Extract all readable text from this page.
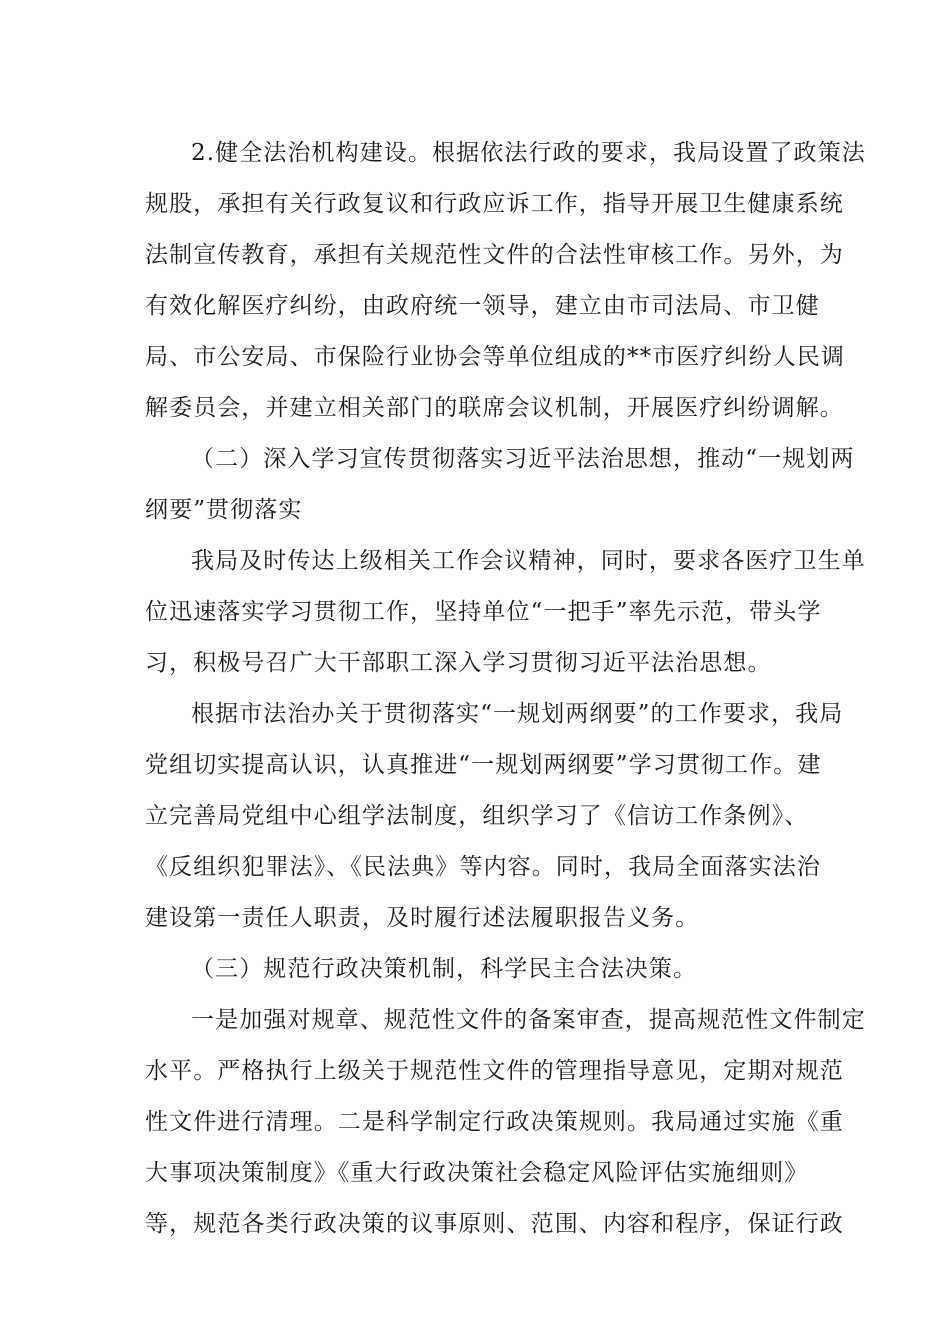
2.健全法治机构建设。根据依法行政的要求，我局设置了政策法
规股，承担有关行政复议和行政应诉工作，指导开展卫生健康系统
法制宣传教育，承担有关规范性文件的合法性审核工作。另外，为
有效化解医疗纠纷，由政府统一领导，建立由市司法局、市卫健
局、市公安局、市保险行业协会等单位组成的**市医疗纠纷人民调
解委员会，并建立相关部门的联席会议机制，开展医疗纠纷调解。
（二）深入学习宣传贯彻落实习近平法治思想，推动“一规划两
纲要”贯彻落实
我局及时传达上级相关工作会议精神，同时，要求各医疗卫生单
位迅速落实学习贯彻工作，坚持单位“一把手”率先示范，带头学
习，积极号召广大干部职工深入学习贯彻习近平法治思想。
根据市法治办关于贯彻落实“一规划两纲要”的工作要求，我局
党组切实提高认识，认真推进“一规划两纲要”学习贯彻工作。建
立完善局党组中心组学法制度，组织学习了《信访工作条例》、
《反组织犯罪法》、《民法典》等内容。同时，我局全面落实法治
建设第一责任人职责，及时履行述法履职报告义务。
（三）规范行政决策机制，科学民主合法决策。
一是加强对规章、规范性文件的备案审查，提高规范性文件制定
水平。严格执行上级关于规范性文件的管理指导意见，定期对规范
性文件进行清理。二是科学制定行政决策规则。我局通过实施《重
大事项决策制度》《重大行政决策社会稳定风险评估实施细则》
等，规范各类行政决策的议事原则、范围、内容和程序，保证行政
